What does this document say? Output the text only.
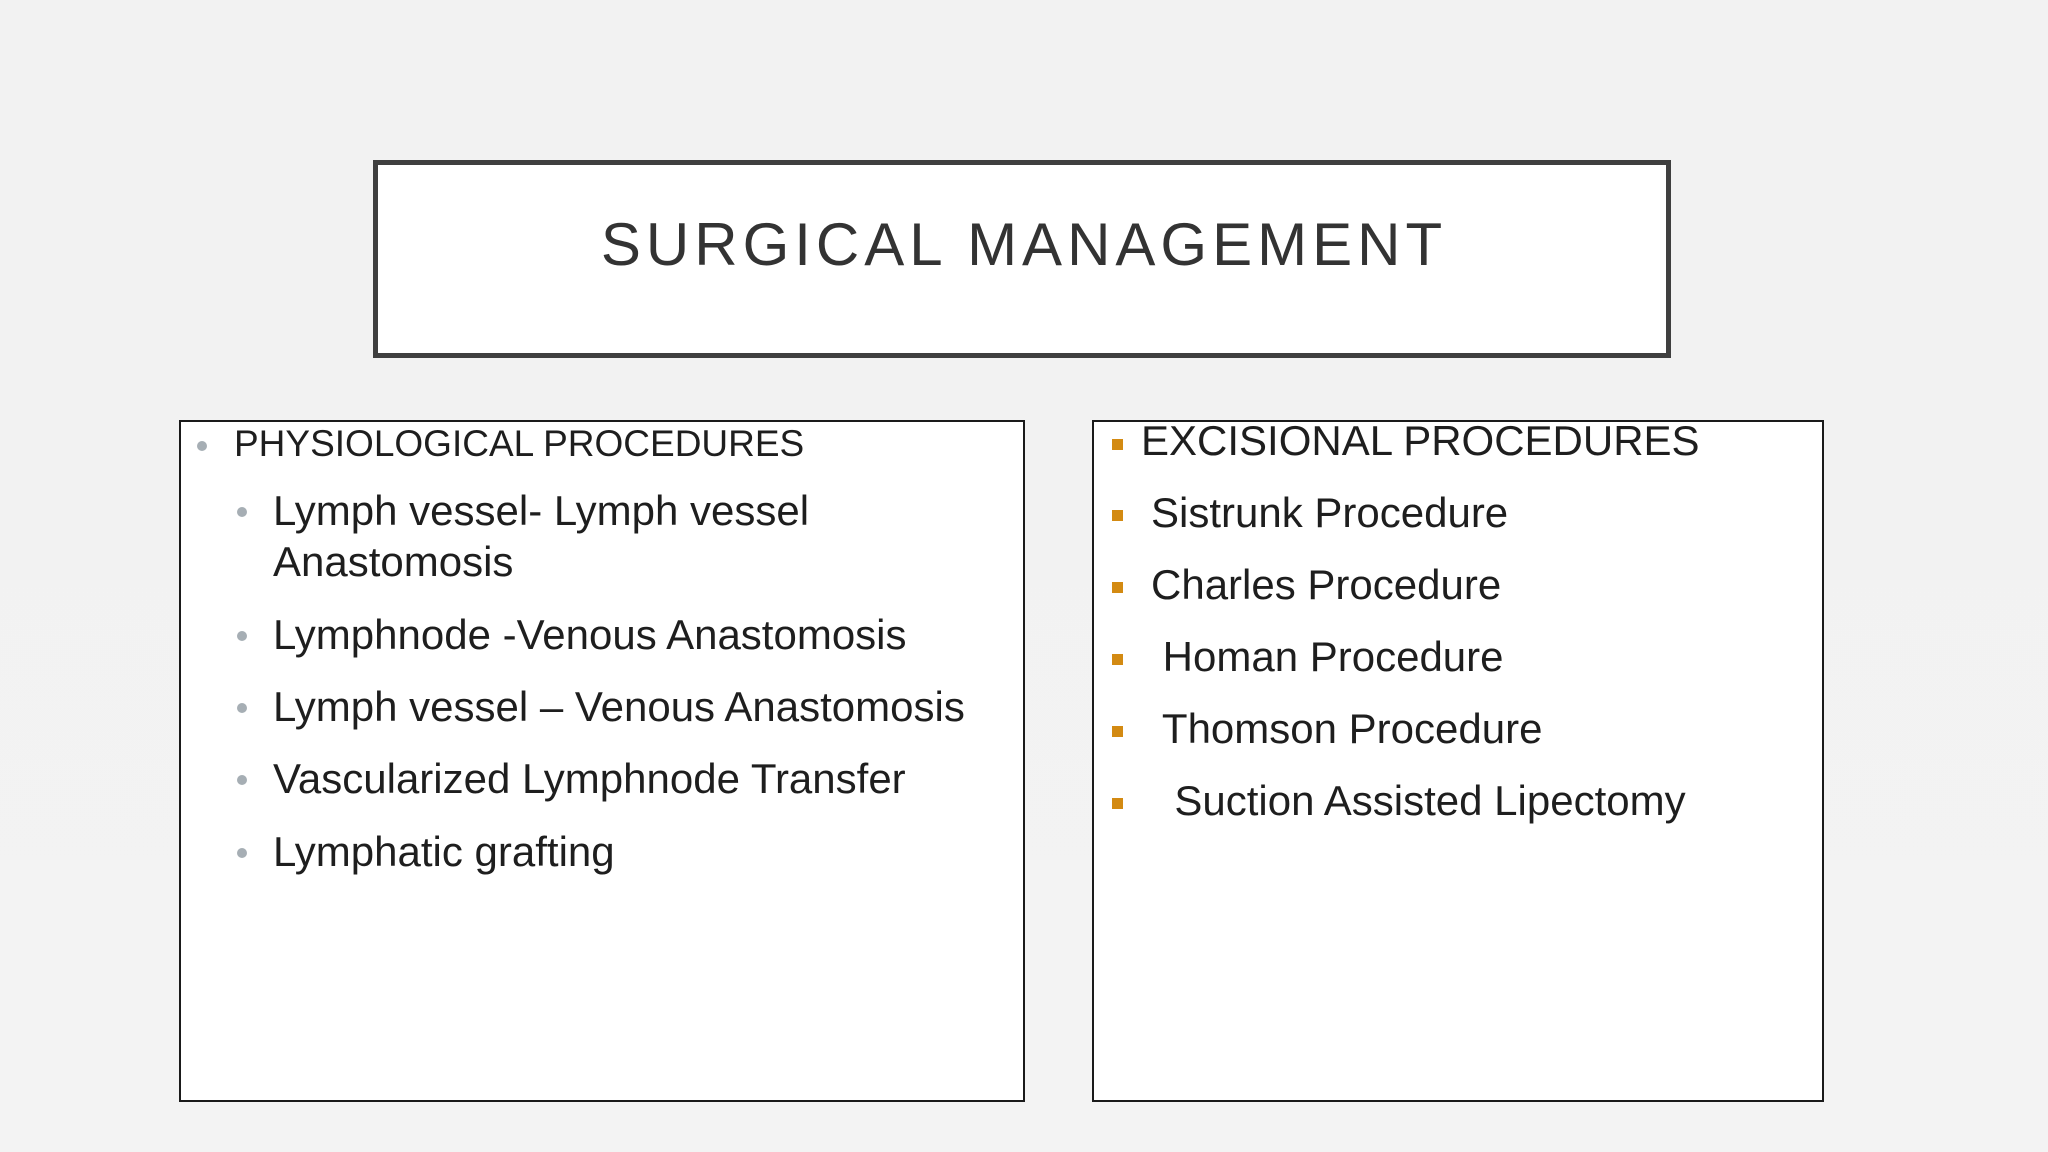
SURGICAL MANAGEMENT
PHYSIOLOGICAL PROCEDURES
Lymph vessel- Lymph vessel
Anastomosis
Lymphnode -Venous Anastomosis
Lymph vessel – Venous Anastomosis
Vascularized Lymphnode Transfer
Lymphatic grafting
EXCISIONAL PROCEDURES
Sistrunk Procedure
Charles Procedure
Homan Procedure
Thomson Procedure
Suction Assisted Lipectomy
